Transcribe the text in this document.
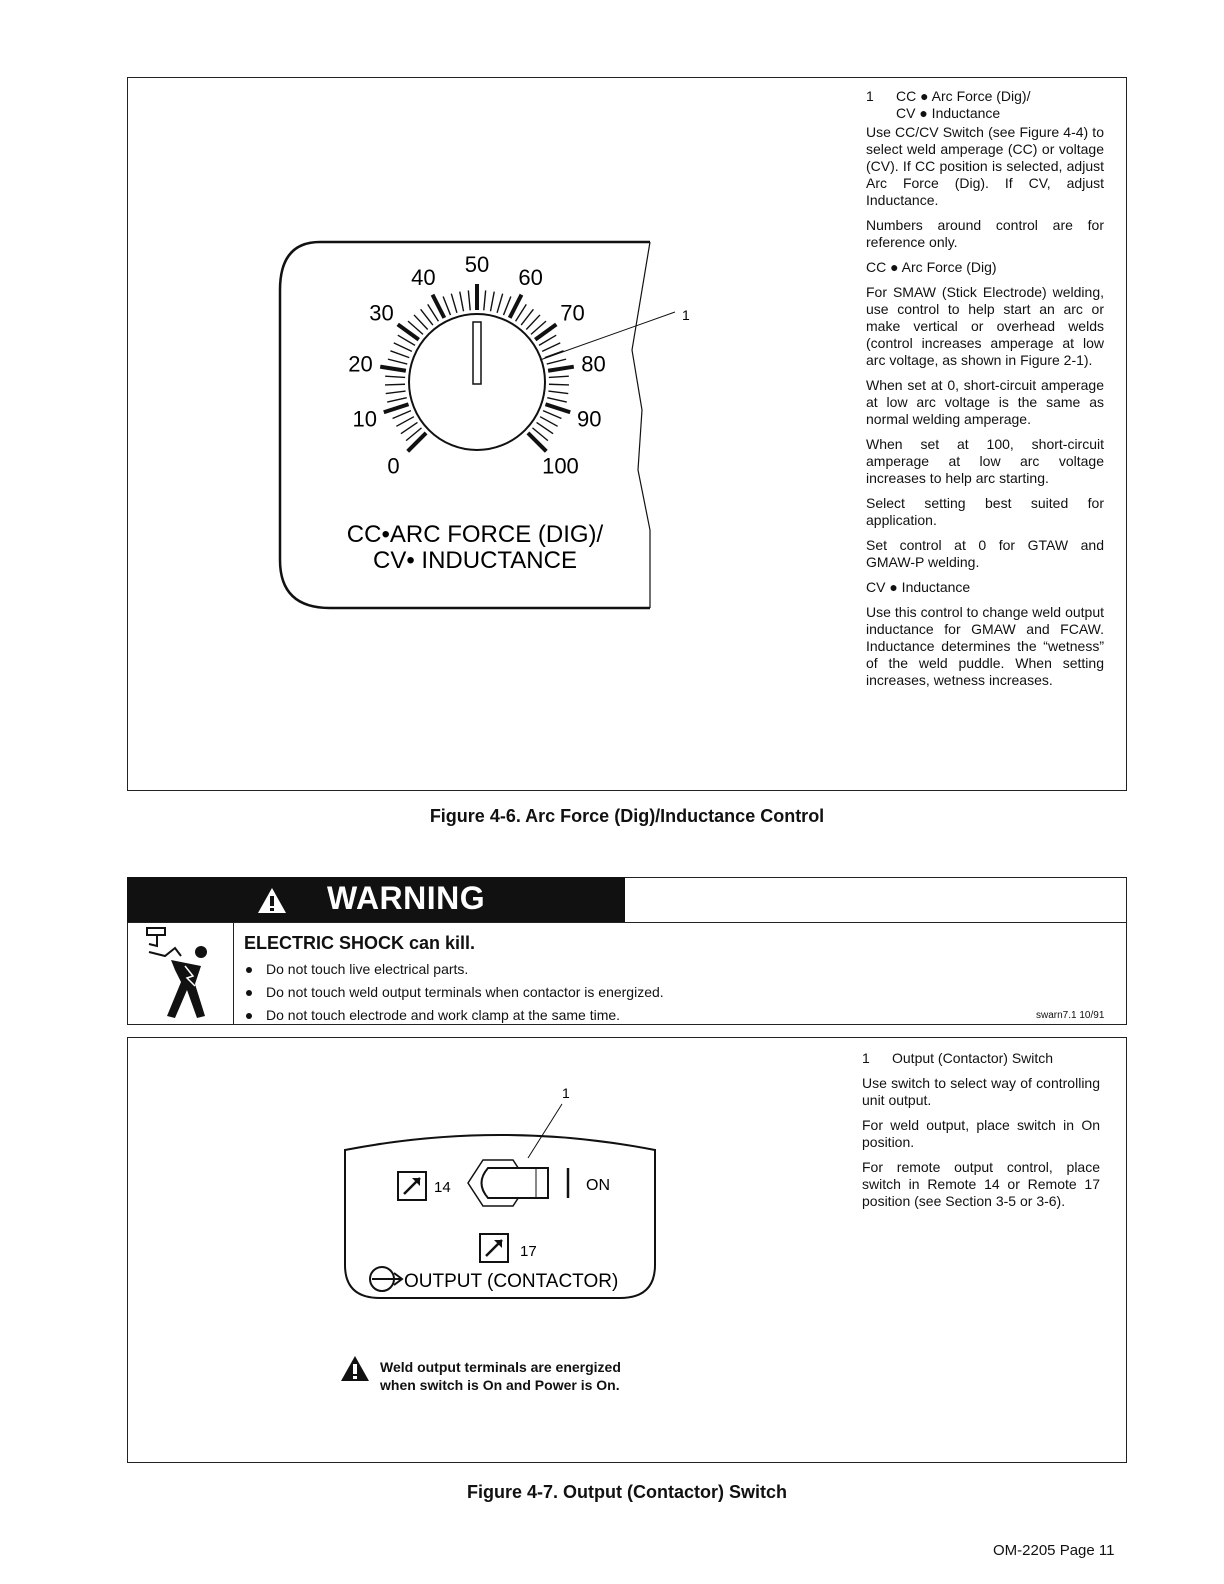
1
0
10
20
30
40
50
60
70
80
90
100
CC•ARC FORCE (DIG)/
CV• INDUCTANCE
1	CC ● Arc Force (Dig)/
CV ● Inductance

Use CC/CV Switch (see Figure 4-4) to select weld amperage (CC) or voltage (CV). If CC position is selected, adjust Arc Force (Dig). If CV, adjust Inductance.

Numbers around control are for reference only.

CC ● Arc Force (Dig)

For SMAW (Stick Electrode) welding, use control to help start an arc or make vertical or overhead welds (control increases amperage at low arc voltage, as shown in Figure 2-1).

When set at 0, short-circuit amperage at low arc voltage is the same as normal welding amperage.

When set at 100, short-circuit amperage at low arc voltage increases to help arc starting.

Select setting best suited for application.

Set control at 0 for GTAW and GMAW-P welding.

CV ● Inductance

Use this control to change weld output inductance for GMAW and FCAW. Inductance determines the “wetness” of the weld puddle. When setting increases, wetness increases.

Figure 4-6. Arc Force (Dig)/Inductance Control
WARNING
ELECTRIC SHOCK can kill.
Do not touch live electrical parts.
Do not touch weld output terminals when contactor is energized.
Do not touch electrode and work clamp at the same time.	swarn7.1 10/91
1
14	ON
17
OUTPUT (CONTACTOR)
Weld output terminals are energized
when switch is On and Power is On.
1	Output (Contactor) Switch

Use switch to select way of controlling unit output.

For weld output, place switch in On position.

For remote output control, place switch in Remote 14 or Remote 17 position (see Section 3-5 or 3-6).

Figure 4-7. Output (Contactor) Switch
OM-2205 Page 11
